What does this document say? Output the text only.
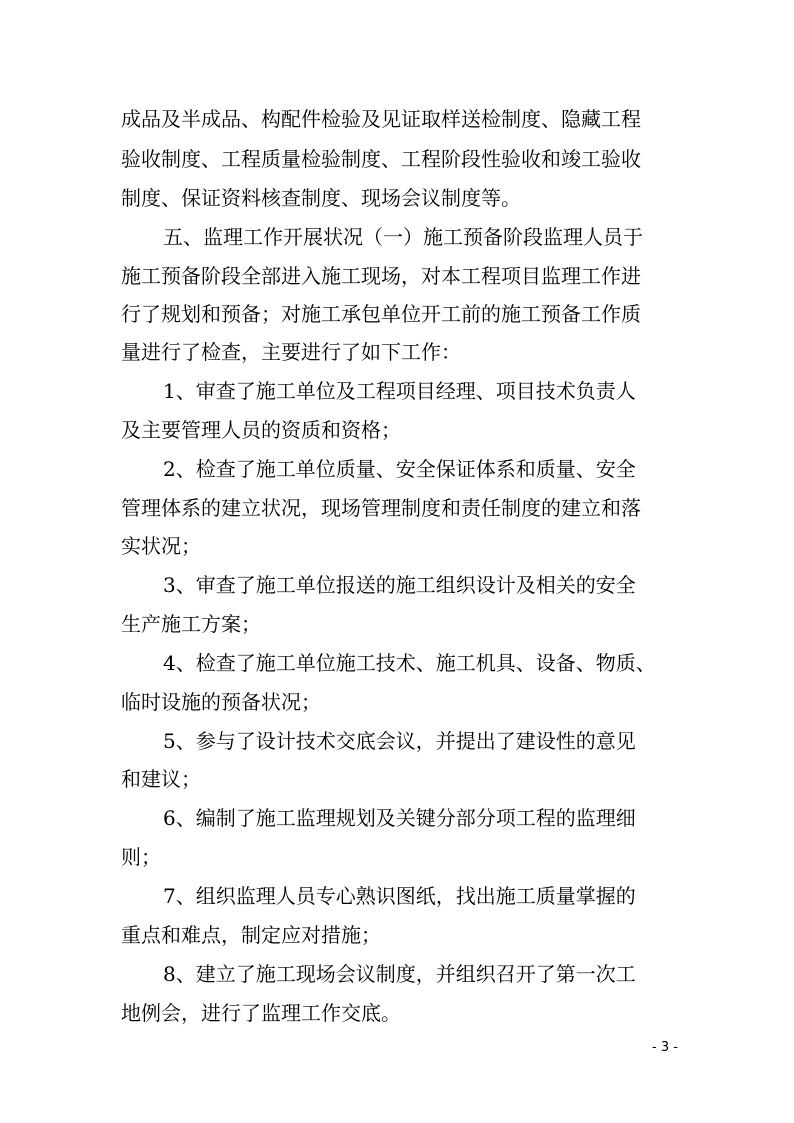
成品及半成品、构配件检验及见证取样送检制度、隐藏工程
验收制度、工程质量检验制度、工程阶段性验收和竣工验收
制度、保证资料核查制度、现场会议制度等。
五、监理工作开展状况（一）施工预备阶段监理人员于
施工预备阶段全部进入施工现场，对本工程项目监理工作进
行了规划和预备；对施工承包单位开工前的施工预备工作质
量进行了检查，主要进行了如下工作：
1、审查了施工单位及工程项目经理、项目技术负责人
及主要管理人员的资质和资格；
2、检查了施工单位质量、安全保证体系和质量、安全
管理体系的建立状况，现场管理制度和责任制度的建立和落
实状况；
3、审查了施工单位报送的施工组织设计及相关的安全
生产施工方案；
4、检查了施工单位施工技术、施工机具、设备、物质、
临时设施的预备状况；
5、参与了设计技术交底会议，并提出了建设性的意见
和建议；
6、编制了施工监理规划及关键分部分项工程的监理细
则；
7、组织监理人员专心熟识图纸，找出施工质量掌握的
重点和难点，制定应对措施；
8、建立了施工现场会议制度，并组织召开了第一次工
地例会，进行了监理工作交底。
- 3 -
